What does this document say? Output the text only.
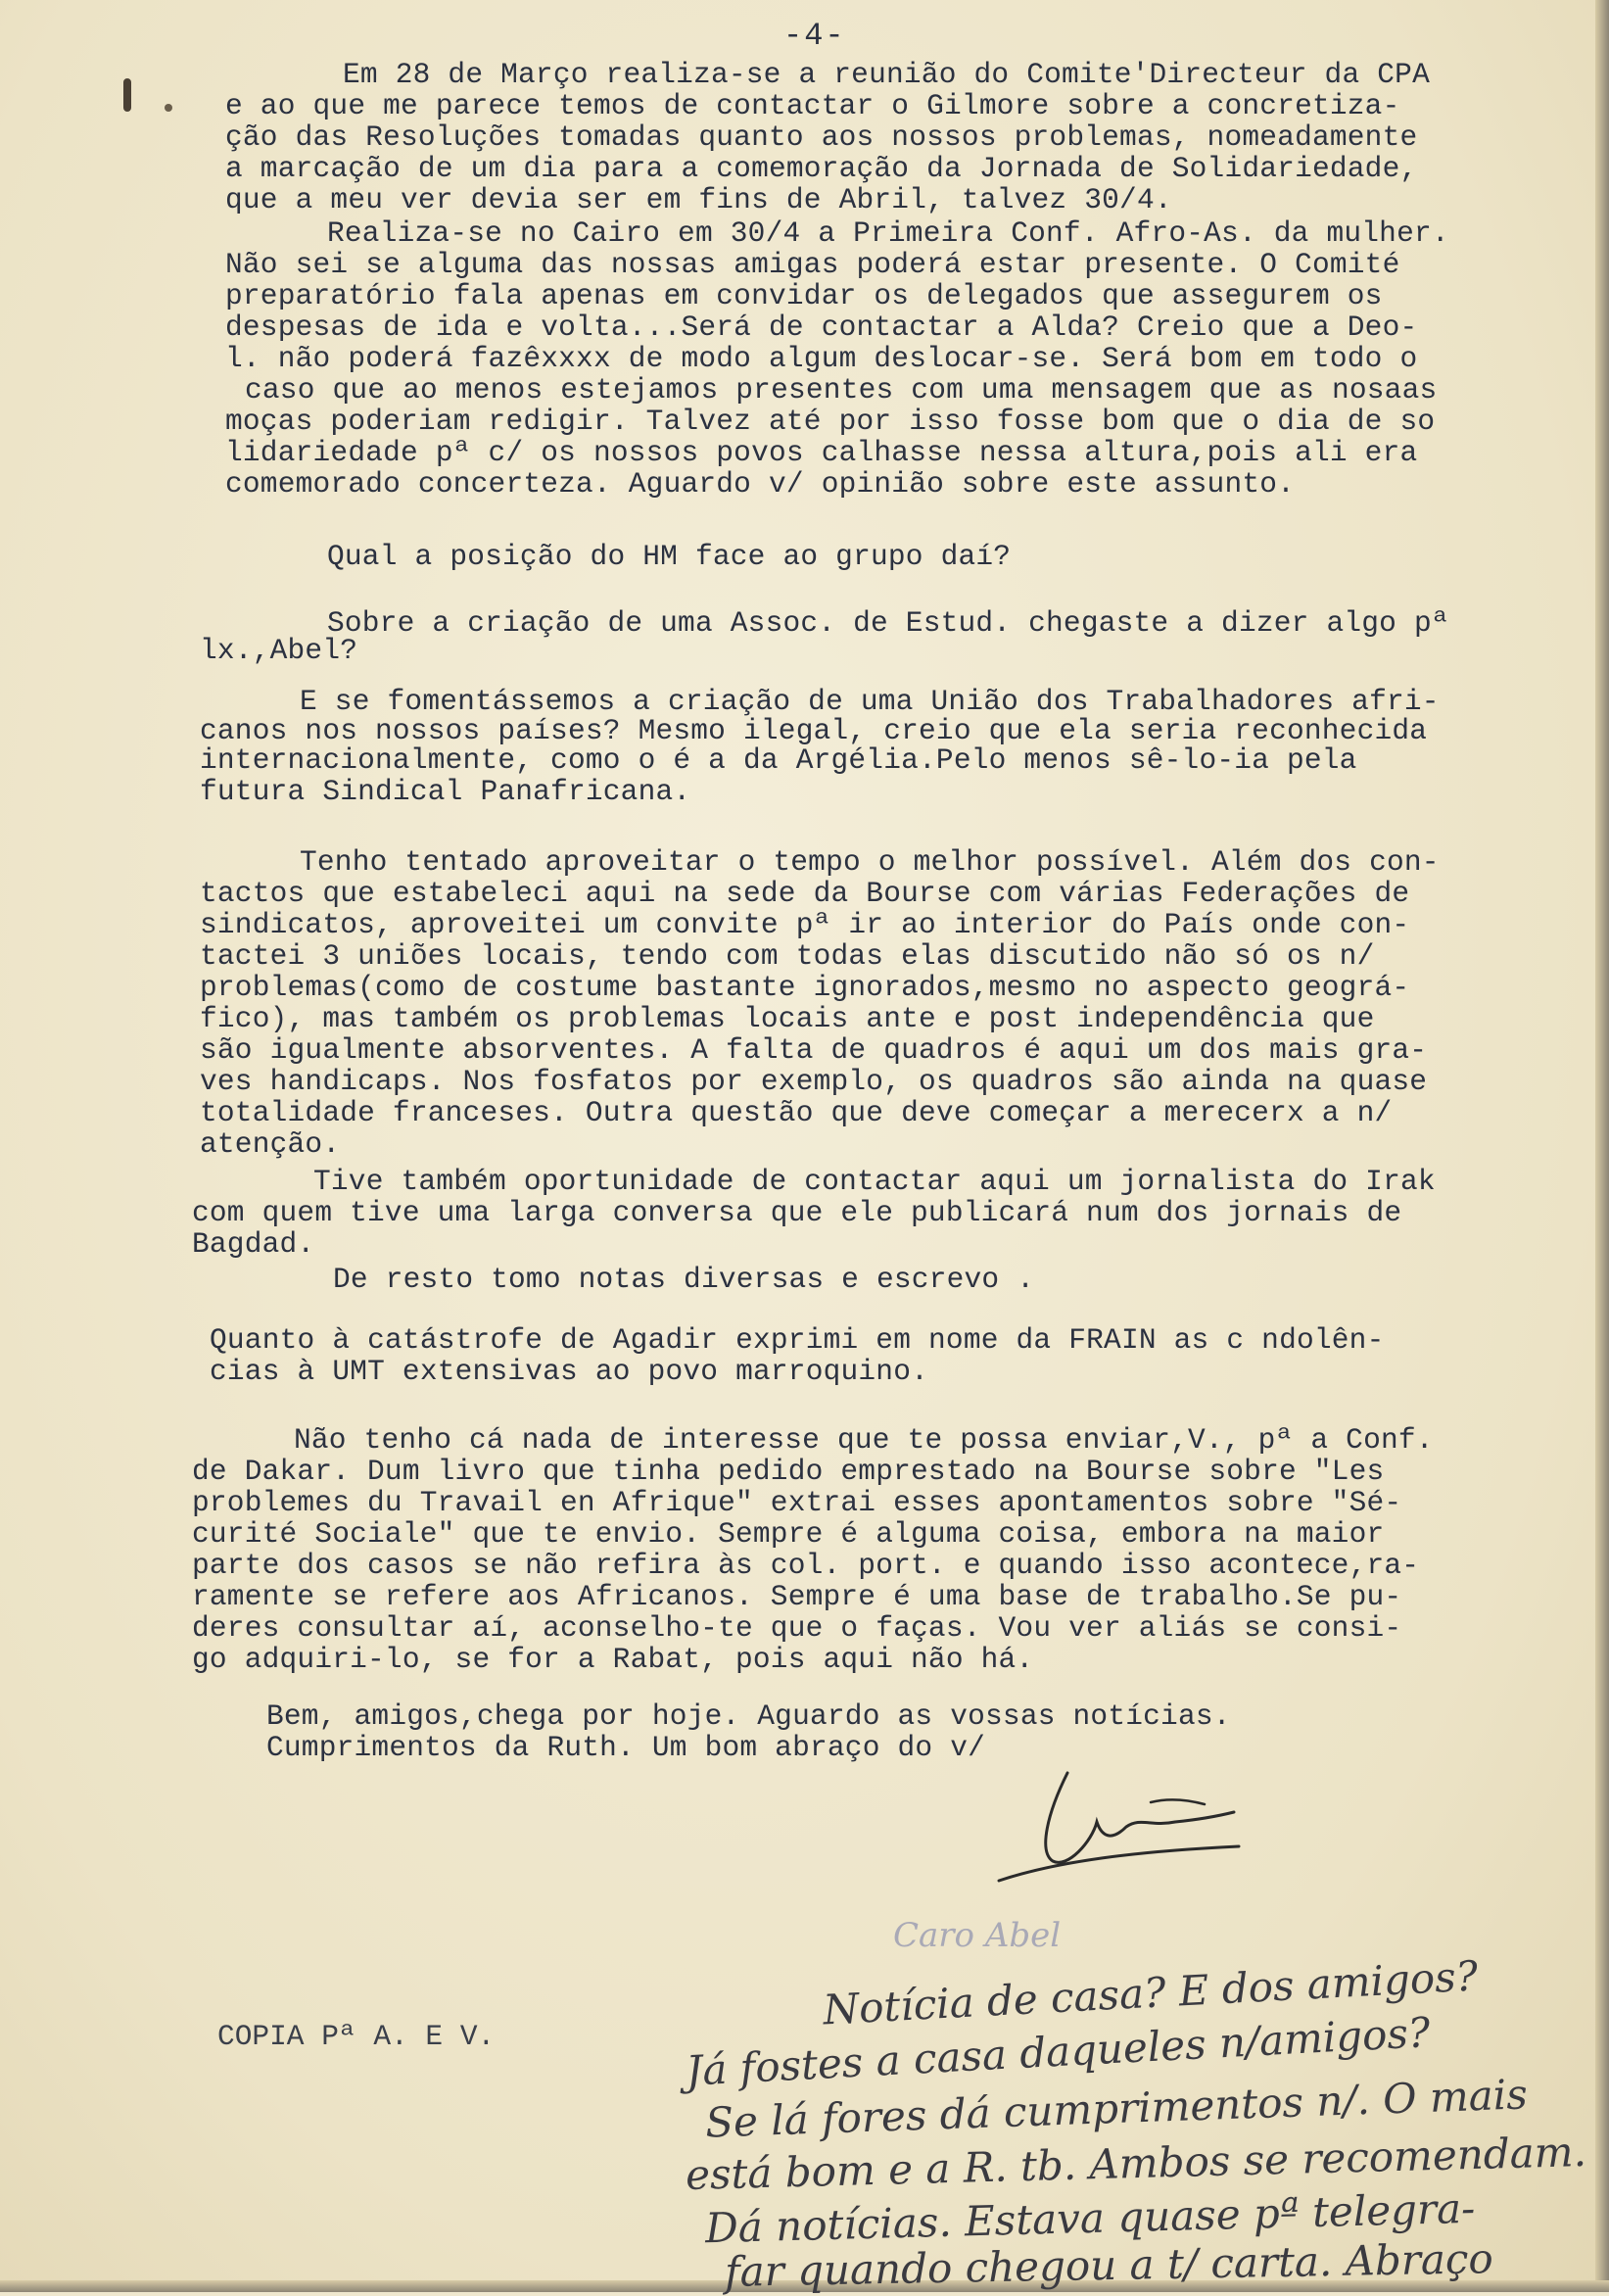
-4-
Em 28 de Março realiza-se a reunião do Comite'Directeur da CPA
e ao que me parece temos de contactar o Gilmore sobre a concretiza-
ção das Resoluções tomadas quanto aos nossos problemas, nomeadamente
a marcação de um dia para a comemoração da Jornada de Solidariedade,
que a meu ver devia ser em fins de Abril, talvez 30/4.
Realiza-se no Cairo em 30/4 a Primeira Conf. Afro-As. da mulher.
Não sei se alguma das nossas amigas poderá estar presente. O Comité
preparatório fala apenas em convidar os delegados que assegurem os
despesas de ida e volta...Será de contactar a Alda? Creio que a Deo-
l. não poderá fazêxxxx de modo algum deslocar-se. Será bom em todo o
caso que ao menos estejamos presentes com uma mensagem que as nosaas
moças poderiam redigir. Talvez até por isso fosse bom que o dia de so
lidariedade pª c/ os nossos povos calhasse nessa altura,pois ali era
comemorado concerteza. Aguardo v/ opinião sobre este assunto.
Qual a posição do HM face ao grupo daí?
Sobre a criação de uma Assoc. de Estud. chegaste a dizer algo pª
lx.,Abel?
E se fomentássemos a criação de uma União dos Trabalhadores afri-
canos nos nossos países? Mesmo ilegal, creio que ela seria reconhecida
internacionalmente, como o é a da Argélia.Pelo menos sê-lo-ia pela
futura Sindical Panafricana.
Tenho tentado aproveitar o tempo o melhor possível. Além dos con-
tactos que estabeleci aqui na sede da Bourse com várias Federações de
sindicatos, aproveitei um convite pª ir ao interior do País onde con-
tactei 3 uniões locais, tendo com todas elas discutido não só os n/
problemas(como de costume bastante ignorados,mesmo no aspecto geográ-
fico), mas também os problemas locais ante e post independência que
são igualmente absorventes. A falta de quadros é aqui um dos mais gra-
ves handicaps. Nos fosfatos por exemplo, os quadros são ainda na quase
totalidade franceses. Outra questão que deve começar a merecerx a n/
atenção.
Tive também oportunidade de contactar aqui um jornalista do Irak
com quem tive uma larga conversa que ele publicará num dos jornais de
Bagdad.
De resto tomo notas diversas e escrevo .
Quanto à catástrofe de Agadir exprimi em nome da FRAIN as c ndolên-
cias à UMT extensivas ao povo marroquino.
Não tenho cá nada de interesse que te possa enviar,V., pª a Conf.
de Dakar. Dum livro que tinha pedido emprestado na Bourse sobre "Les
problemes du Travail en Afrique" extrai esses apontamentos sobre "Sé-
curité Sociale" que te envio. Sempre é alguma coisa, embora na maior
parte dos casos se não refira às col. port. e quando isso acontece,ra-
ramente se refere aos Africanos. Sempre é uma base de trabalho.Se pu-
deres consultar aí, aconselho-te que o faças. Vou ver aliás se consi-
go adquiri-lo, se for a Rabat, pois aqui não há.
Bem, amigos,chega por hoje. Aguardo as vossas notícias.
Cumprimentos da Ruth. Um bom abraço do v/
COPIA Pª A. E V.
Caro Abel
Notícia de casa? E dos amigos?
Já fostes a casa daqueles n/amigos?
Se lá fores dá cumprimentos n/. O mais
está bom e a R. tb. Ambos se recomendam.
Dá notícias. Estava quase pª telegra-
far quando chegou a t/ carta. Abraço
